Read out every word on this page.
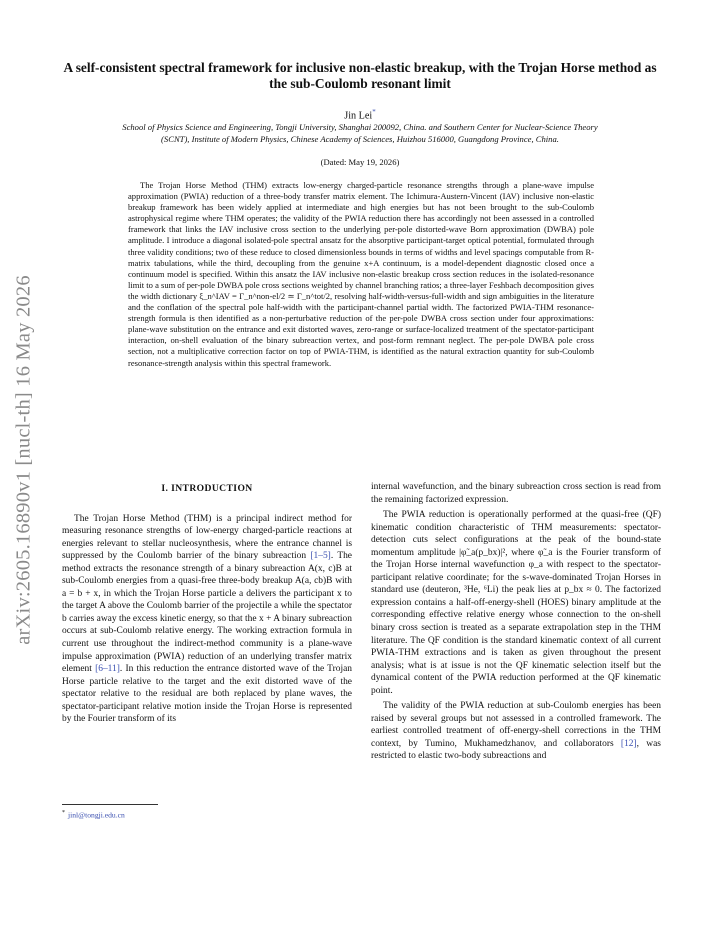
arXiv:2605.16890v1 [nucl-th] 16 May 2026
A self-consistent spectral framework for inclusive non-elastic breakup, with the Trojan Horse method as the sub-Coulomb resonant limit
Jin Lei*
School of Physics Science and Engineering, Tongji University, Shanghai 200092, China. and Southern Center for Nuclear-Science Theory (SCNT), Institute of Modern Physics, Chinese Academy of Sciences, Huizhou 516000, Guangdong Province, China.
(Dated: May 19, 2026)
The Trojan Horse Method (THM) extracts low-energy charged-particle resonance strengths through a plane-wave impulse approximation (PWIA) reduction of a three-body transfer matrix element. The Ichimura-Austern-Vincent (IAV) inclusive non-elastic breakup framework has been widely applied at intermediate and high energies but has not been brought to the sub-Coulomb astrophysical regime where THM operates; the validity of the PWIA reduction there has accordingly not been assessed in a controlled framework that links the IAV inclusive cross section to the underlying per-pole distorted-wave Born approximation (DWBA) pole amplitude. I introduce a diagonal isolated-pole spectral ansatz for the absorptive participant-target optical potential, formulated through three validity conditions; two of these reduce to closed dimensionless bounds in terms of widths and level spacings computable from R-matrix tabulations, while the third, decoupling from the genuine x+A continuum, is a model-dependent diagnostic closed once a continuum model is specified. Within this ansatz the IAV inclusive non-elastic breakup cross section reduces in the isolated-resonance limit to a sum of per-pole DWBA pole cross sections weighted by channel branching ratios; a three-layer Feshbach decomposition gives the width dictionary ξ_n^IAV = Γ_n^non-el/2 ≃ Γ_n^tot/2, resolving half-width-versus-full-width and sign ambiguities in the literature and the conflation of the spectral pole half-width with the participant-channel partial width. The factorized PWIA-THM resonance-strength formula is then identified as a non-perturbative reduction of the per-pole DWBA cross section under four approximations: plane-wave substitution on the entrance and exit distorted waves, zero-range or surface-localized treatment of the spectator-participant interaction, on-shell evaluation of the binary subreaction vertex, and post-form remnant neglect. The per-pole DWBA pole cross section, not a multiplicative correction factor on top of PWIA-THM, is identified as the natural extraction quantity for sub-Coulomb resonance-strength analysis within this spectral framework.
I. INTRODUCTION

The Trojan Horse Method (THM) is a principal indirect method for measuring resonance strengths of low-energy charged-particle reactions at energies relevant to stellar nucleosynthesis, where the entrance channel is suppressed by the Coulomb barrier of the binary subreaction [1–5]. The method extracts the resonance strength of a binary subreaction A(x, c)B at sub-Coulomb energies from a quasi-free three-body breakup A(a, cb)B with a = b + x, in which the Trojan Horse particle a delivers the participant x to the target A above the Coulomb barrier of the projectile a while the spectator b carries away the excess kinetic energy, so that the x + A binary subreaction occurs at sub-Coulomb relative energy. The working extraction formula in current use throughout the indirect-method community is a plane-wave impulse approximation (PWIA) reduction of an underlying transfer matrix element [6–11]. In this reduction the entrance distorted wave of the Trojan Horse particle relative to the target and the exit distorted wave of the spectator relative to the residual are both replaced by plane waves, the spectator-participant relative motion inside the Trojan Horse is represented by the Fourier transform of its

internal wavefunction, and the binary subreaction cross section is read from the remaining factorized expression.

The PWIA reduction is operationally performed at the quasi-free (QF) kinematic condition characteristic of THM measurements: spectator-detection cuts select configurations at the peak of the bound-state momentum amplitude |φ̃_a(p_bx)|², where φ̃_a is the Fourier transform of the Trojan Horse internal wavefunction φ_a with respect to the spectator-participant relative coordinate; for the s-wave-dominated Trojan Horses in standard use (deuteron, ³He, ⁶Li) the peak lies at p_bx ≈ 0. The factorized expression contains a half-off-energy-shell (HOES) binary amplitude at the corresponding effective relative energy whose connection to the on-shell binary cross section is treated as a separate extrapolation step in the THM literature. The QF condition is the standard kinematic context of all current PWIA-THM extractions and is taken as given throughout the present analysis; what is at issue is not the QF kinematic selection itself but the dynamical content of the PWIA reduction performed at the QF kinematic point.

The validity of the PWIA reduction at sub-Coulomb energies has been raised by several groups but not assessed in a controlled framework. The earliest controlled treatment of off-energy-shell corrections in the THM context, by Tumino, Mukhamedzhanov, and collaborators [12], was restricted to elastic two-body subreactions and

* jinl@tongji.edu.cn
